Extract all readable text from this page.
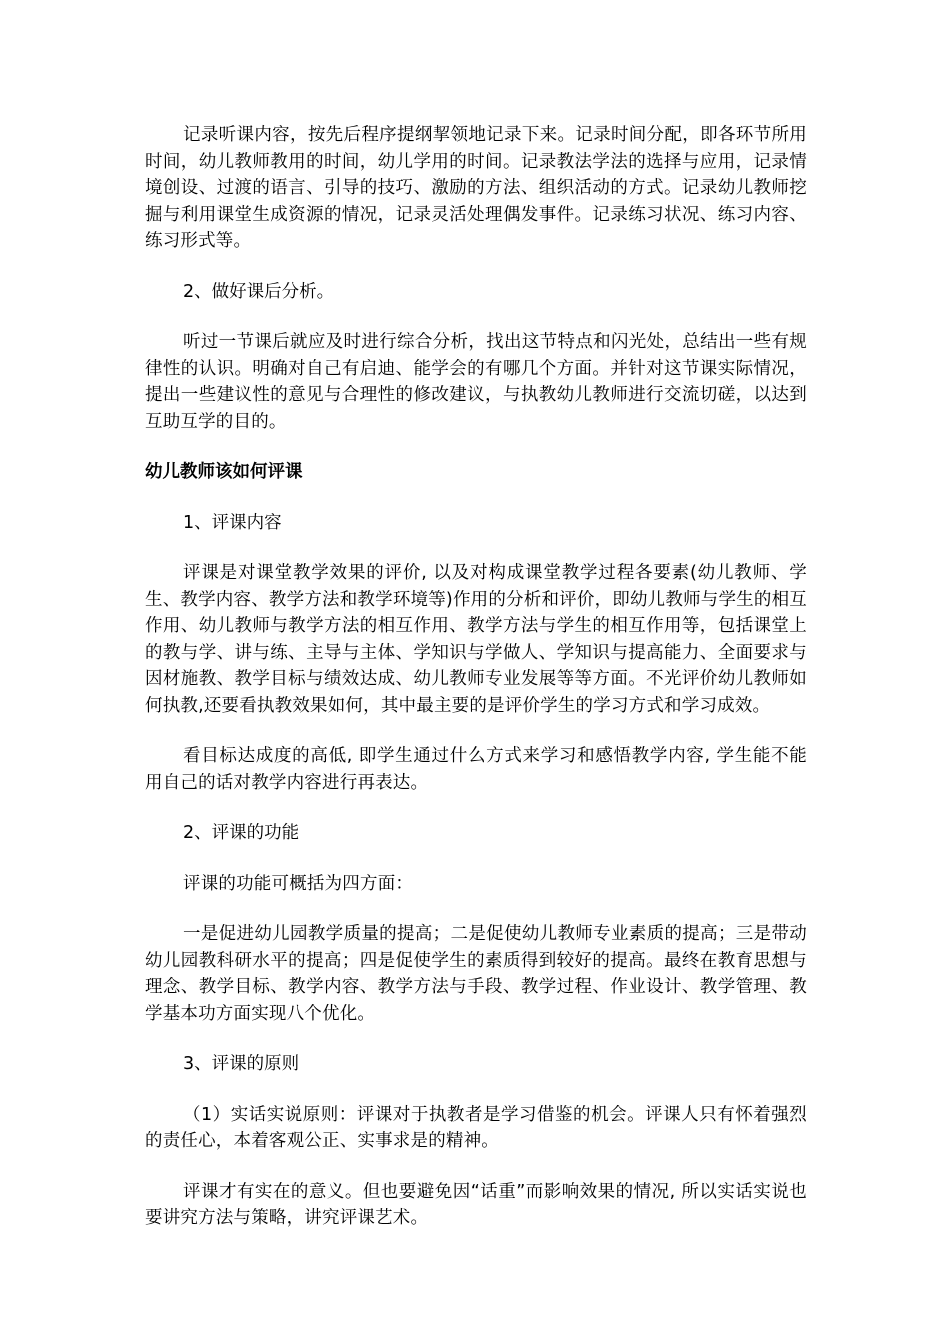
记录听课内容，按先后程序提纲挈领地记录下来。记录时间分配，即各环节所用时间，幼儿教师教用的时间，幼儿学用的时间。记录教法学法的选择与应用，记录情境创设、过渡的语言、引导的技巧、激励的方法、组织活动的方式。记录幼儿教师挖掘与利用课堂生成资源的情况，记录灵活处理偶发事件。记录练习状况、练习内容、练习形式等。

2、做好课后分析。

听过一节课后就应及时进行综合分析，找出这节特点和闪光处，总结出一些有规律性的认识。明确对自己有启迪、能学会的有哪几个方面。并针对这节课实际情况，提出一些建议性的意见与合理性的修改建议，与执教幼儿教师进行交流切磋，以达到互助互学的目的。

幼儿教师该如何评课

1、评课内容

评课是对课堂教学效果的评价, 以及对构成课堂教学过程各要素(幼儿教师、学生、教学内容、教学方法和教学环境等)作用的分析和评价，即幼儿教师与学生的相互作用、幼儿教师与教学方法的相互作用、教学方法与学生的相互作用等，包括课堂上的教与学、讲与练、主导与主体、学知识与学做人、学知识与提高能力、全面要求与因材施教、教学目标与绩效达成、幼儿教师专业发展等等方面。不光评价幼儿教师如何执教,还要看执教效果如何，其中最主要的是评价学生的学习方式和学习成效。

看目标达成度的高低, 即学生通过什么方式来学习和感悟教学内容, 学生能不能用自己的话对教学内容进行再表达。

2、评课的功能

评课的功能可概括为四方面：

一是促进幼儿园教学质量的提高；二是促使幼儿教师专业素质的提高；三是带动幼儿园教科研水平的提高；四是促使学生的素质得到较好的提高。最终在教育思想与理念、教学目标、教学内容、教学方法与手段、教学过程、作业设计、教学管理、教学基本功方面实现八个优化。

3、评课的原则

（1）实话实说原则：评课对于执教者是学习借鉴的机会。评课人只有怀着强烈的责任心，本着客观公正、实事求是的精神。

评课才有实在的意义。但也要避免因“话重”而影响效果的情况, 所以实话实说也要讲究方法与策略，讲究评课艺术。
